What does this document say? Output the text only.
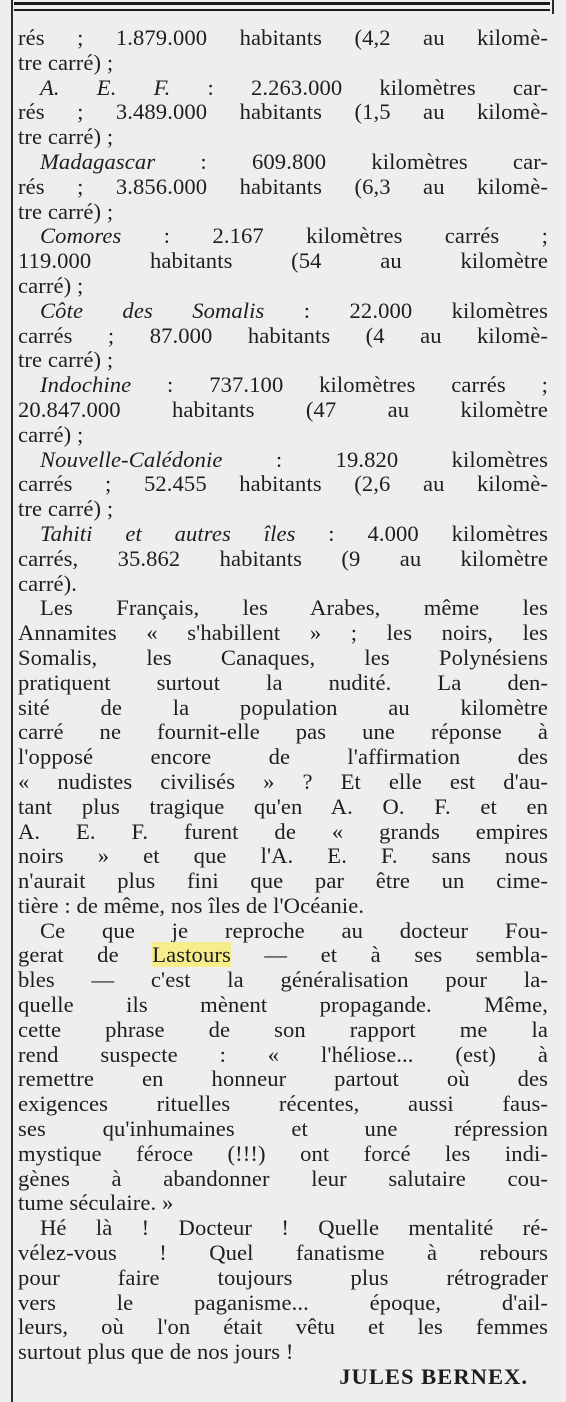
rés ; 1.879.000 habitants (4,2 au kilomè-
tre carré) ;
A. E. F. : 2.263.000 kilomètres car-
rés ; 3.489.000 habitants (1,5 au kilomè-
tre carré) ;
Madagascar : 609.800 kilomètres car-
rés ; 3.856.000 habitants (6,3 au kilomè-
tre carré) ;
Comores : 2.167 kilomètres carrés ;
119.000 habitants (54 au kilomètre
carré) ;
Côte des Somalis : 22.000 kilomètres
carrés ; 87.000 habitants (4 au kilomè-
tre carré) ;
Indochine : 737.100 kilomètres carrés ;
20.847.000 habitants (47 au kilomètre
carré) ;
Nouvelle-Calédonie : 19.820 kilomètres
carrés ; 52.455 habitants (2,6 au kilomè-
tre carré) ;
Tahiti et autres îles : 4.000 kilomètres
carrés, 35.862 habitants (9 au kilomètre
carré).
Les Français, les Arabes, même les
Annamites « s'habillent » ; les noirs, les
Somalis, les Canaques, les Polynésiens
pratiquent surtout la nudité. La den-
sité de la population au kilomètre
carré ne fournit-elle pas une réponse à
l'opposé encore de l'affirmation des
« nudistes civilisés » ? Et elle est d'au-
tant plus tragique qu'en A. O. F. et en
A. E. F. furent de « grands empires
noirs » et que l'A. E. F. sans nous
n'aurait plus fini que par être un cime-
tière : de même, nos îles de l'Océanie.
Ce que je reproche au docteur Fou-
gerat de Lastours — et à ses sembla-
bles — c'est la généralisation pour la-
quelle ils mènent propagande. Même,
cette phrase de son rapport me la
rend suspecte : « l'héliose... (est) à
remettre en honneur partout où des
exigences rituelles récentes, aussi faus-
ses qu'inhumaines et une répression
mystique féroce (!!!) ont forcé les indi-
gènes à abandonner leur salutaire cou-
tume séculaire. »
Hé là ! Docteur ! Quelle mentalité ré-
vélez-vous ! Quel fanatisme à rebours
pour faire toujours plus rétrograder
vers le paganisme... époque, d'ail-
leurs, où l'on était vêtu et les femmes
surtout plus que de nos jours !
JULES BERNEX.
